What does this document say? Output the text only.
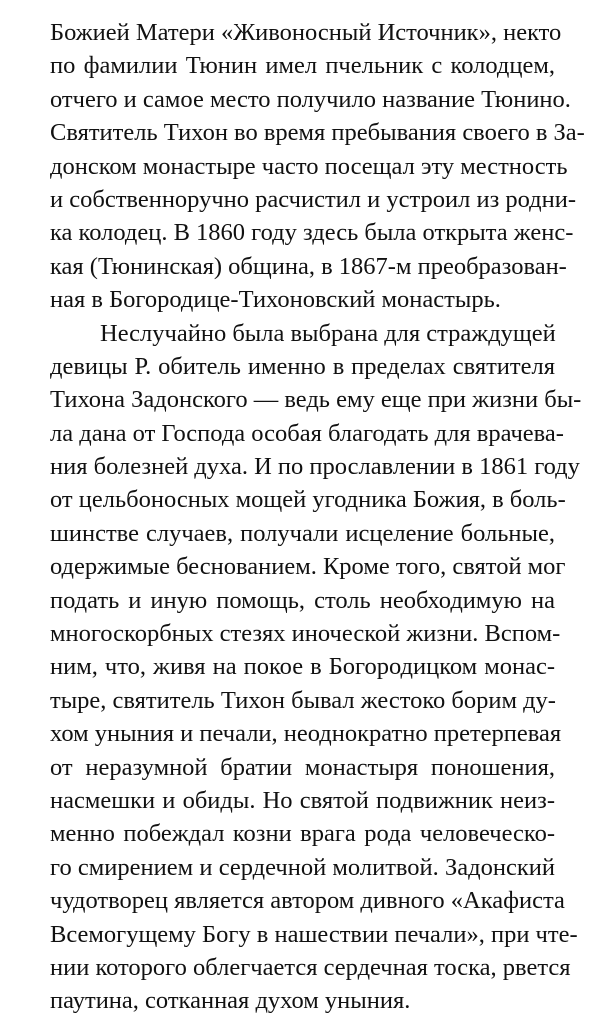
Божией Матери «Живоносный Источник», некто
по фамилии Тюнин имел пчельник с колодцем,
отчего и самое место получило название Тюнино.
Святитель Тихон во время пребывания своего в За-
донском монастыре часто посещал эту местность
и собственноручно расчистил и устроил из родни-
ка колодец. В 1860 году здесь была открыта женс-
кая (Тюнинская) община, в 1867-м преобразован-
ная в Богородице-Тихоновский монастырь.
Неслучайно была выбрана для страждущей
девицы Р. обитель именно в пределах святителя
Тихона Задонского — ведь ему еще при жизни бы-
ла дана от Господа особая благодать для врачева-
ния болезней духа. И по прославлении в 1861 году
от цельбоносных мощей угодника Божия, в боль-
шинстве случаев, получали исцеление больные,
одержимые беснованием. Кроме того, святой мог
подать и иную помощь, столь необходимую на
многоскорбных стезях иноческой жизни. Вспом-
ним, что, живя на покое в Богородицком монас-
тыре, святитель Тихон бывал жестоко борим ду-
хом уныния и печали, неоднократно претерпевая
от неразумной братии монастыря поношения,
насмешки и обиды. Но святой подвижник неиз-
менно побеждал козни врага рода человеческо-
го смирением и сердечной молитвой. Задонский
чудотворец является автором дивного «Акафиста
Всемогущему Богу в нашествии печали», при чте-
нии которого облегчается сердечная тоска, рвется
паутина, сотканная духом уныния.
